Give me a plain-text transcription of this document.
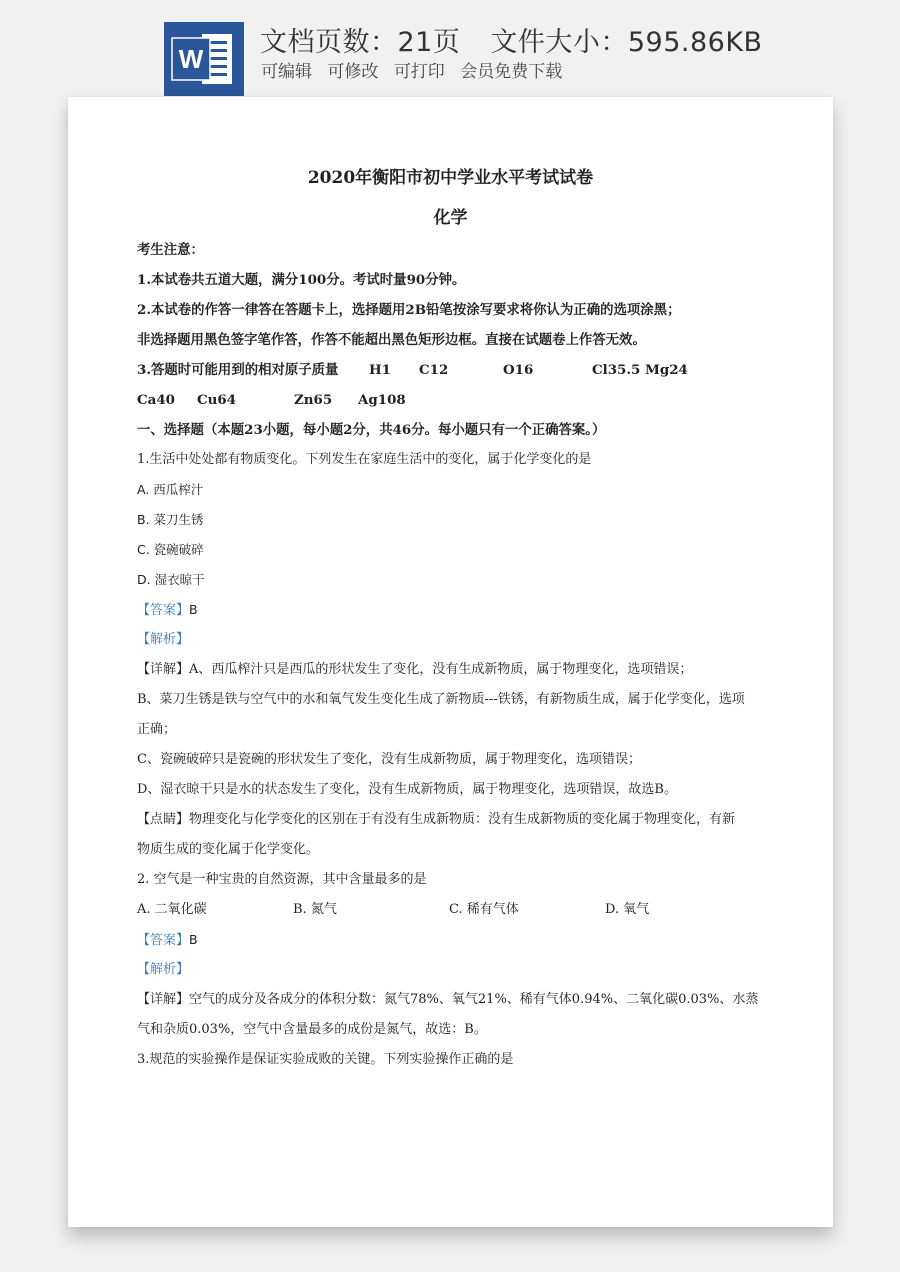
W
文档页数：21页 文件大小：595.86KB
可编辑 可修改 可打印 会员免费下载
2020年衡阳市初中学业水平考试试卷
化学
考生注意：
1.本试卷共五道大题，满分100分。考试时量90分钟。
2.本试卷的作答一律答在答题卡上，选择题用2B铅笔按涂写要求将你认为正确的选项涂黑；
非选择题用黑色签字笔作答，作答不能超出黑色矩形边框。直接在试题卷上作答无效。
3.答题时可能用到的相对原子质量 H1 C12	O16	Cl35.5 Mg24
Ca40 Cu64	Zn65 Ag108
一、选择题（本题23小题，每小题2分，共46分。每小题只有一个正确答案。）
1.生活中处处都有物质变化。下列发生在家庭生活中的变化，属于化学变化的是
A. 西瓜榨汁
B. 菜刀生锈
C. 瓷碗破碎
D. 湿衣晾干
【答案】B
【解析】
【详解】A、西瓜榨汁只是西瓜的形状发生了变化，没有生成新物质，属于物理变化，选项错误；
B、菜刀生锈是铁与空气中的水和氧气发生变化生成了新物质---铁锈，有新物质生成，属于化学变化，选项
正确；
C、瓷碗破碎只是瓷碗的形状发生了变化，没有生成新物质，属于物理变化，选项错误；
D、湿衣晾干只是水的状态发生了变化，没有生成新物质，属于物理变化，选项错误，故选B。
【点睛】物理变化与化学变化的区别在于有没有生成新物质：没有生成新物质的变化属于物理变化，有新
物质生成的变化属于化学变化。
2. 空气是一种宝贵的自然资源，其中含量最多的是
A. 二氧化碳	B. 氮气	C. 稀有气体	D. 氧气
【答案】B
【解析】
【详解】空气的成分及各成分的体积分数：氮气78%、氧气21%、稀有气体0.94%、二氧化碳0.03%、水蒸
气和杂质0.03%，空气中含量最多的成份是氮气，故选：B。
3.规范的实验操作是保证实验成败的关键。下列实验操作正确的是
